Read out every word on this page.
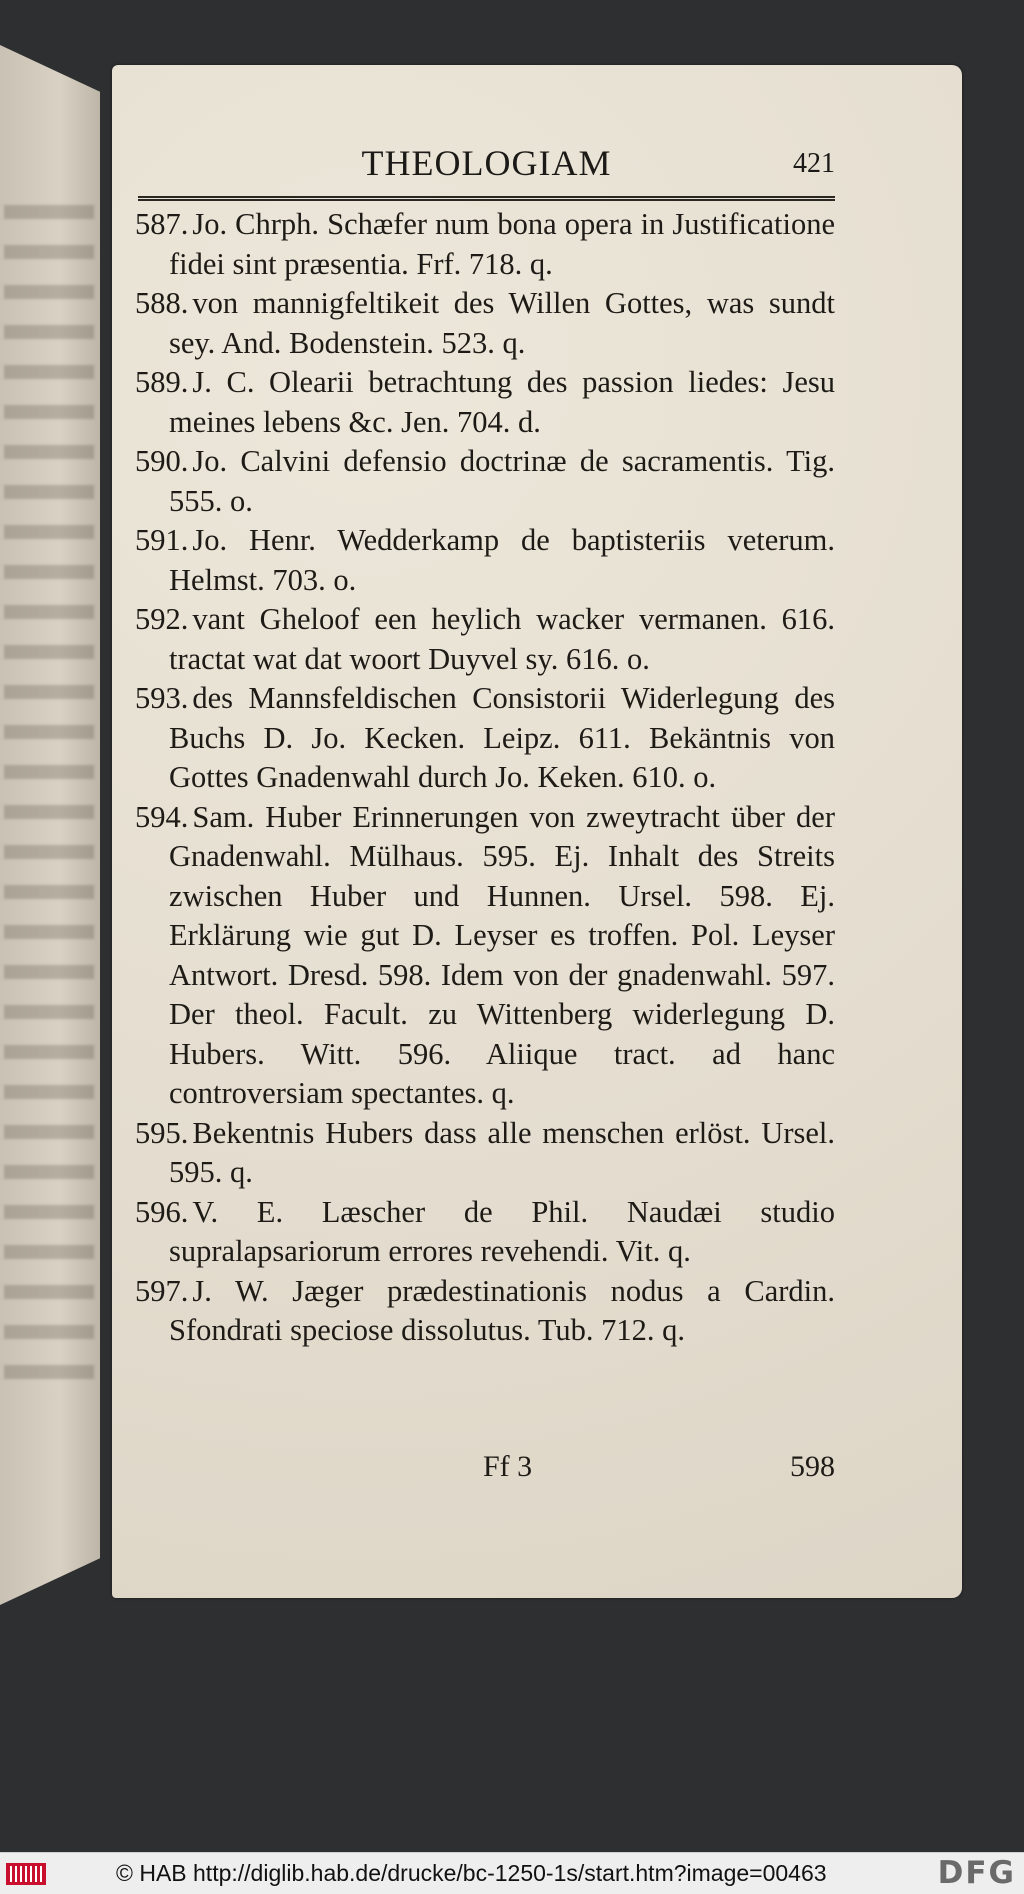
THEOLOGIAM	421
587. Jo. Chrph. Schæfer num bona opera in Justificatione fidei sint præsentia. Frf. 718. q.
588. von mannigfeltikeit des Willen Gottes, was sundt sey. And. Bodenstein. 523. q.
589. J. C. Olearii betrachtung des passion liedes: Jesu meines lebens &c. Jen. 704. d.
590. Jo. Calvini defensio doctrinæ de sacramentis. Tig. 555. o.
591. Jo. Henr. Wedderkamp de baptisteriis veterum. Helmst. 703. o.
592. vant Gheloof een heylich wacker vermanen. 616. tractat wat dat woort Duyvel sy. 616. o.
593. des Mannsfeldischen Consistorii Widerlegung des Buchs D. Jo. Kecken. Leipz. 611. Bekäntnis von Gottes Gnadenwahl durch Jo. Keken. 610. o.
594. Sam. Huber Erinnerungen von zweytracht über der Gnadenwahl. Mülhaus. 595. Ej. Inhalt des Streits zwischen Huber und Hunnen. Ursel. 598. Ej. Erklärung wie gut D. Leyser es troffen. Pol. Leyser Antwort. Dresd. 598. Idem von der gnadenwahl. 597. Der theol. Facult. zu Wittenberg widerlegung D. Hubers. Witt. 596. Aliique tract. ad hanc controversiam spectantes. q.
595. Bekentnis Hubers dass alle menschen erlöst. Ursel. 595. q.
596. V. E. Læscher de Phil. Naudæi studio supralapsariorum errores revehendi. Vit. q.
597. J. W. Jæger prædestinationis nodus a Cardin. Sfondrati speciose dissolutus. Tub. 712. q.
Ff 3	598
© HAB http://diglib.hab.de/drucke/bc-1250-1s/start.htm?image=00463	DFG
